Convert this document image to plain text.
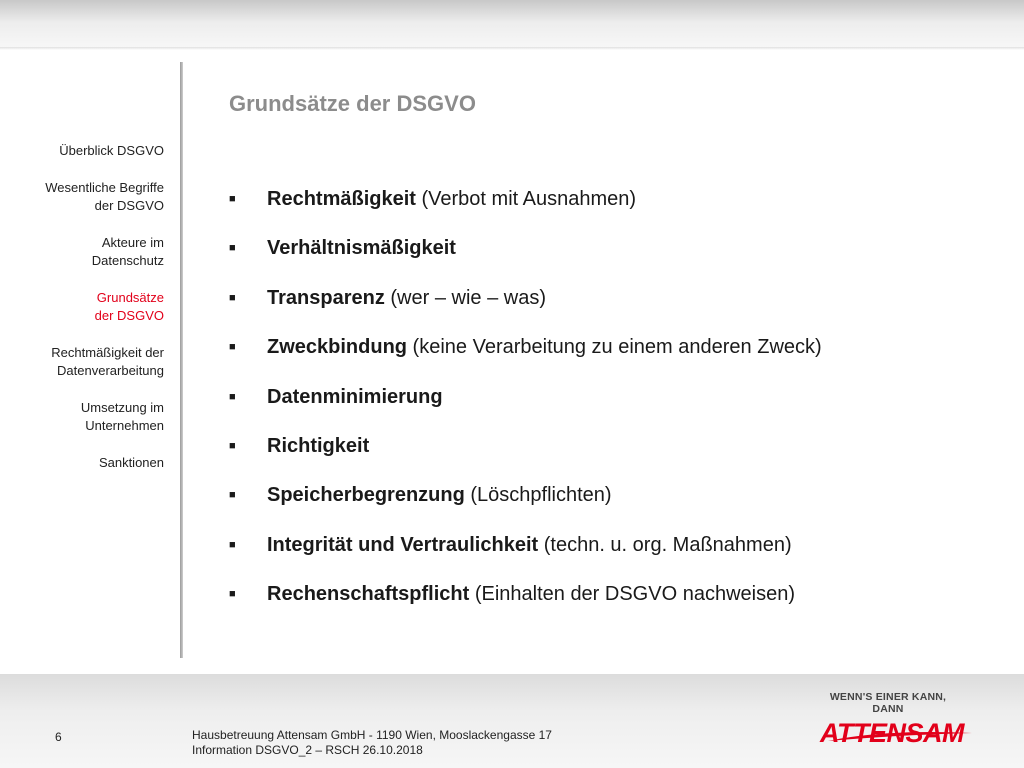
Überblick DSGVO
Wesentliche Begriffe
der DSGVO
Akteure im
Datenschutz
Grundsätze
der DSGVO
Rechtmäßigkeit der
Datenverarbeitung
Umsetzung im
Unternehmen
Sanktionen
Grundsätze der DSGVO
■	Rechtmäßigkeit (Verbot mit Ausnahmen)
■	Verhältnismäßigkeit
■	Transparenz (wer – wie – was)
■	Zweckbindung (keine Verarbeitung zu einem anderen Zweck)
■	Datenminimierung
■	Richtigkeit
■	Speicherbegrenzung (Löschpflichten)
■	Integrität und Vertraulichkeit (techn. u. org. Maßnahmen)
■	Rechenschaftspflicht (Einhalten der DSGVO nachweisen)
6	Hausbetreuung Attensam GmbH - 1190 Wien, Mooslackengasse 17
Information DSGVO_2 – RSCH 26.10.2018
WENN'S EINER KANN, DANN
ATTENSAM
